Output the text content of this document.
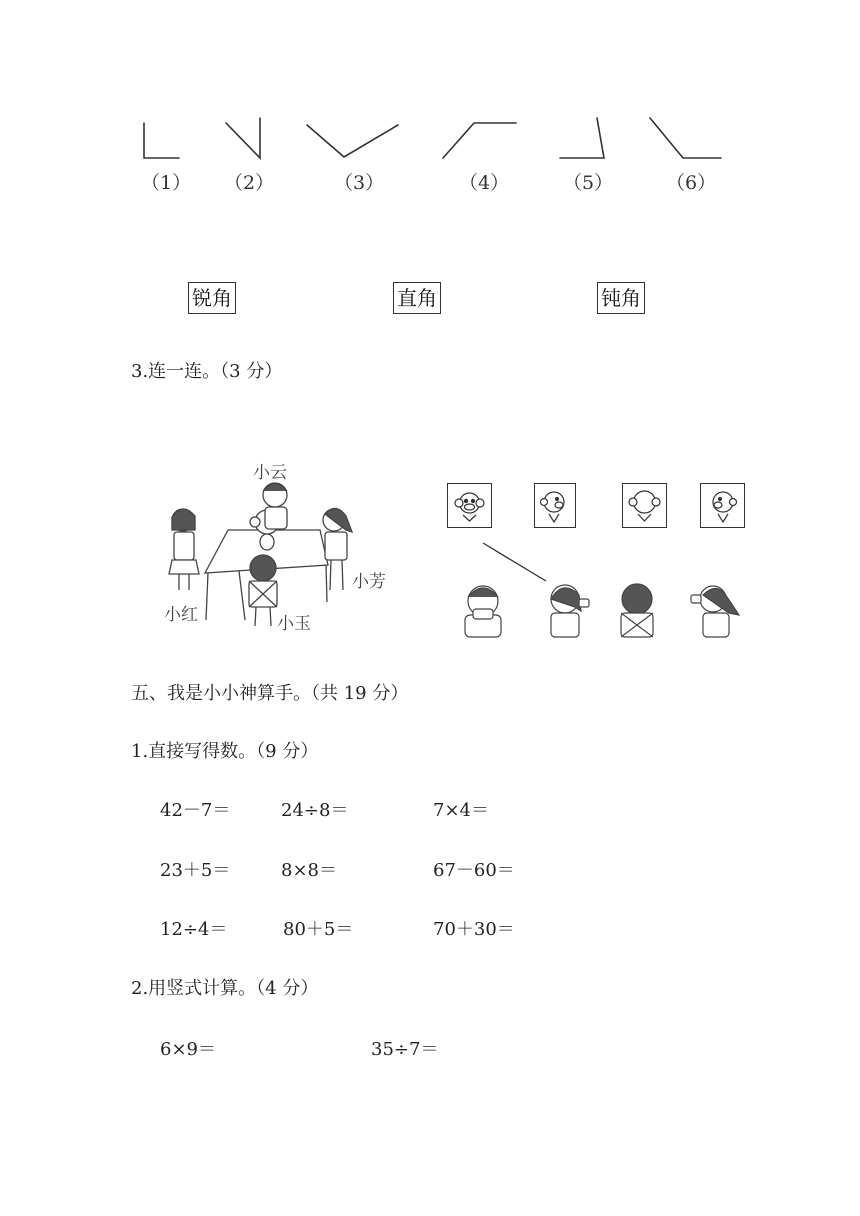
（1） （2）	（3）	（4）	（5）	（6）
锐角	直角	钝角
3.连一连。（3 分）
小云
小红
小芳
小玉
五、我是小小神算手。（共 19 分）
1.直接写得数。（9 分）
42－7＝	24÷8＝	7×4＝
23＋5＝	8×8＝	67－60＝
12÷4＝	80＋5＝	70＋30＝
2.用竖式计算。（4 分）
6×9＝	35÷7＝
